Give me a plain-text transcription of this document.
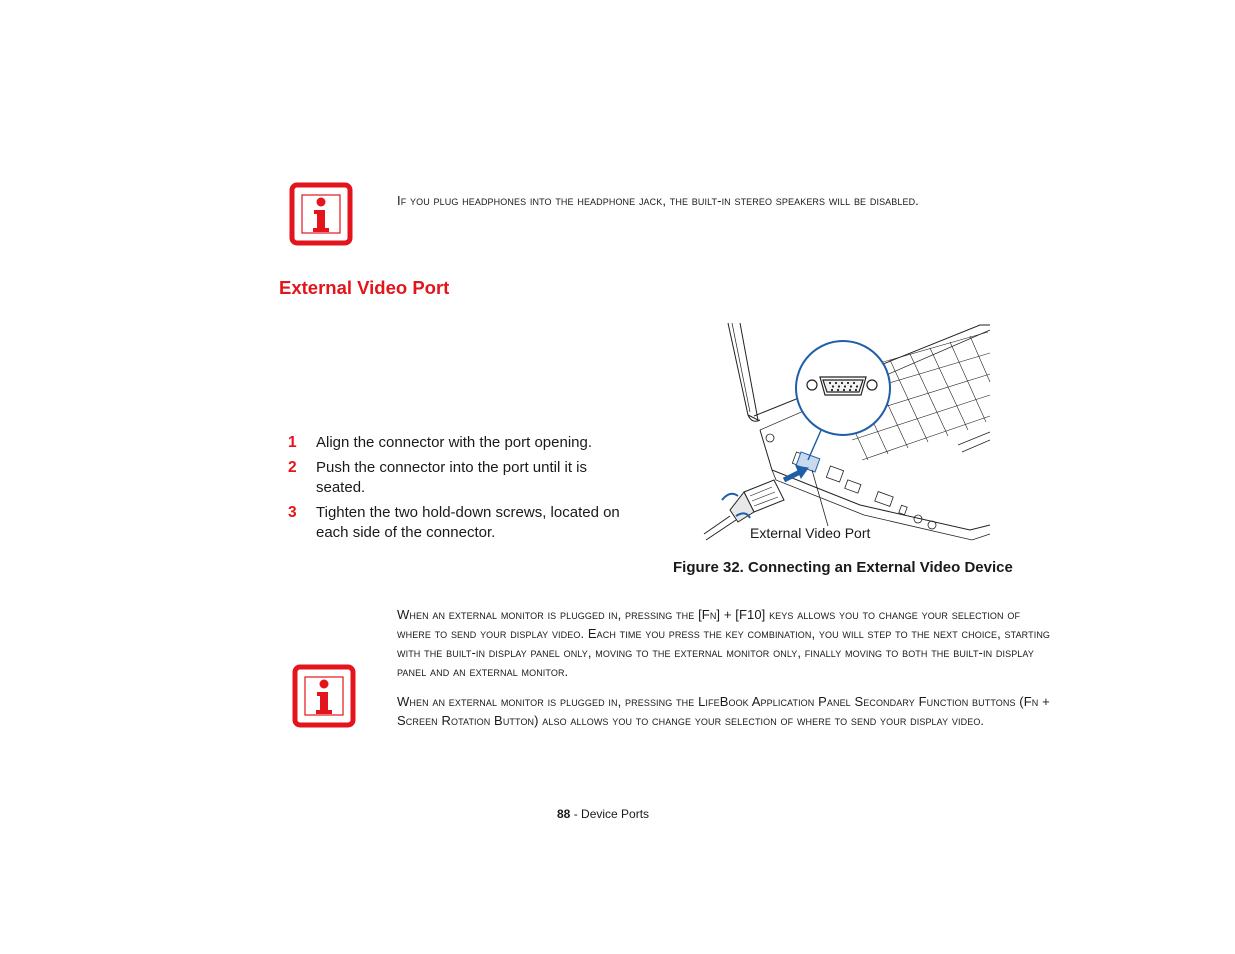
If you plug headphones into the headphone jack, the built-in stereo speakers will be disabled.

External Video Port
1 Align the connector with the port opening.
2 Push the connector into the port until it is seated.
3 Tighten the two hold-down screws, located on each side of the connector.	External Video Port
Figure 32. Connecting an External Video Device

When an external monitor is plugged in, pressing the [Fn] + [F10] keys allows you to change your selection of where to send your display video. Each time you press the key combination, you will step to the next choice, starting with the built-in display panel only, moving to the external monitor only, finally moving to both the built-in display panel and an external monitor.

When an external monitor is plugged in, pressing the LifeBook Application Panel Secondary Function buttons (Fn + Screen Rotation Button) also allows you to change your selection of where to send your display video.

88 - Device Ports
